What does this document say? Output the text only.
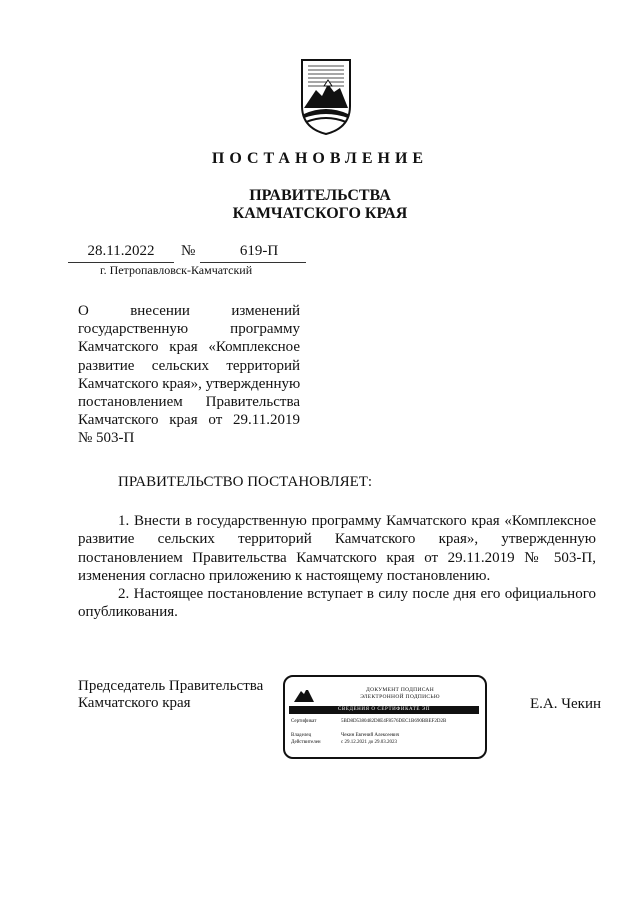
ПОСТАНОВЛЕНИЕ
ПРАВИТЕЛЬСТВА
КАМЧАТСКОГО КРАЯ
28.11.2022	№	619-П
г. Петропавловск-Камчатский
О внесении изменений
государственную программу
Камчатского края «Комплексное
развитие сельских территорий
Камчатского края», утвержденную
постановлением Правительства
Камчатского края от 29.11.2019
№ 503-П
ПРАВИТЕЛЬСТВО ПОСТАНОВЛЯЕТ:
1. Внести в государственную программу Камчатского края «Комплексное
развитие сельских территорий Камчатского края», утвержденную
постановлением Правительства Камчатского края от 29.11.2019 № 503-П,
изменения согласно приложению к настоящему постановлению.
2. Настоящее постановление вступает в силу после дня его официального
опубликования.
Председатель Правительства
Камчатского края	Е.А. Чекин
ДОКУМЕНТ ПОДПИСАН
ЭЛЕКТРОННОЙ ПОДПИСЬЮ
СВЕДЕНИЯ О СЕРТИФИКАТЕ ЭП
Сертификат	5BD8D5380482D8E4F8576DEC1B690BBEF2D2B
Владелец	Чекин Евгений Алексеевич
Действителен	с 29.12.2021 до 29.03.2023
